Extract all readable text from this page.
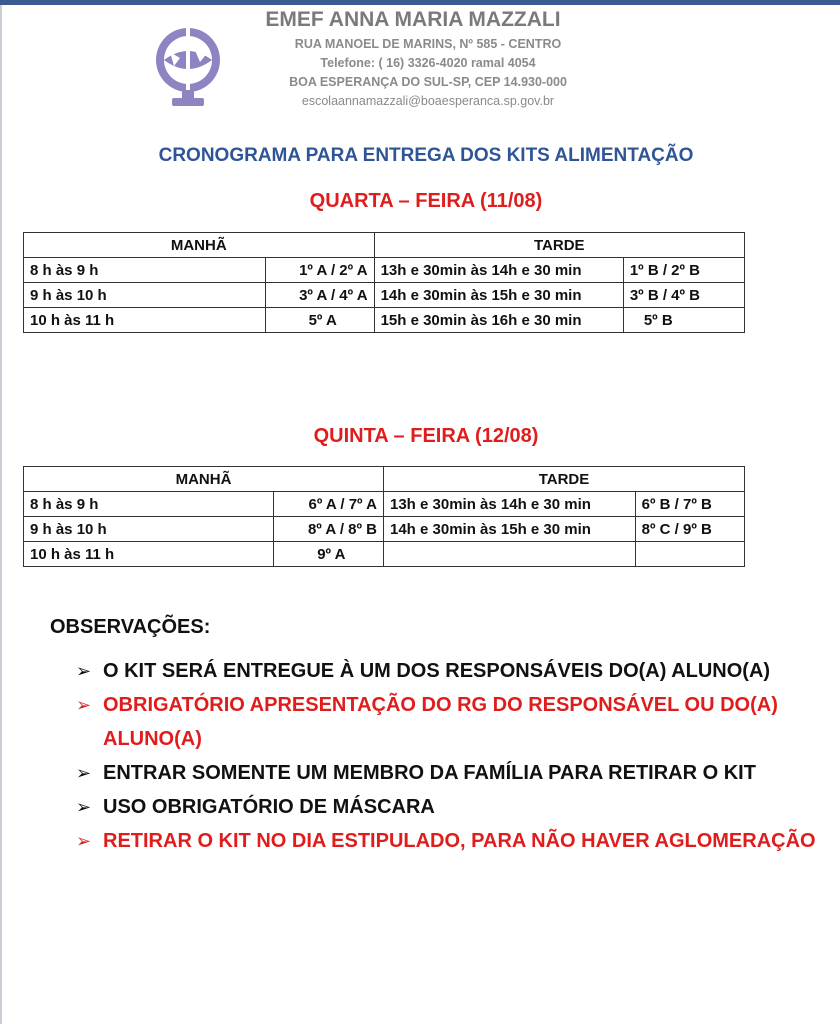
EMEF ANNA MARIA MAZZALI
RUA MANOEL DE MARINS, Nº 585 - CENTRO
Telefone: ( 16) 3326-4020 ramal 4054
BOA ESPERANÇA DO SUL-SP, CEP 14.930-000
escolaannamazzali@boaesperanca.sp.gov.br
CRONOGRAMA PARA ENTREGA DOS KITS ALIMENTAÇÃO
QUARTA – FEIRA (11/08)
MANHÃ		TARDE	
8 h às 9 h	1º A / 2º A	13h e 30min às 14h e 30 min	1º B / 2º B
9 h às 10 h	3º A / 4º A	14h e 30min às 15h e 30 min	3º B / 4º B
10 h às 11 h	5º A	15h e 30min às 16h e 30 min	5º B
QUINTA – FEIRA (12/08)
MANHÃ		TARDE	
8 h às 9 h	6º A / 7º A	13h e 30min às 14h e 30 min	6º B / 7º B
9 h às 10 h	8º A / 8º B	14h e 30min às 15h e 30 min	8º C / 9º B
10 h às 11 h	9º A		
OBSERVAÇÕES:
➢ O KIT SERÁ ENTREGUE À UM DOS RESPONSÁVEIS DO(A) ALUNO(A)
➢ OBRIGATÓRIO APRESENTAÇÃO DO RG DO RESPONSÁVEL OU DO(A) ALUNO(A)
➢ ENTRAR SOMENTE UM MEMBRO DA FAMÍLIA PARA RETIRAR O KIT
➢ USO OBRIGATÓRIO DE MÁSCARA
➢ RETIRAR O KIT NO DIA ESTIPULADO, PARA NÃO HAVER AGLOMERAÇÃO
